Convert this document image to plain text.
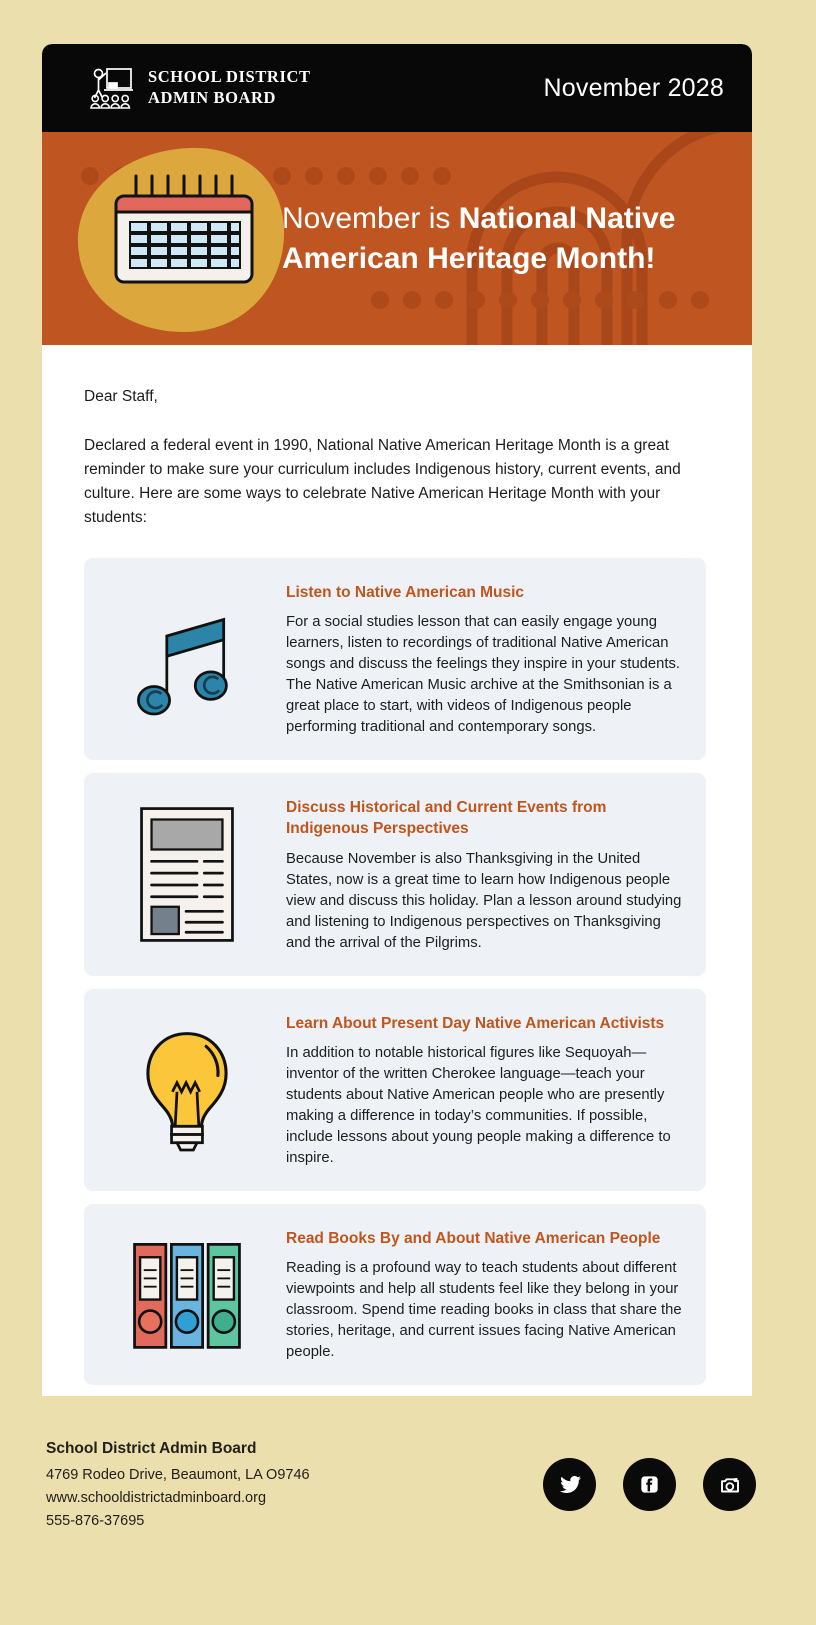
SCHOOL DISTRICT
ADMIN BOARD	November 2028
November is National Native American Heritage Month!
Dear Staff,
Declared a federal event in 1990, National Native American Heritage Month is a great reminder to make sure your curriculum includes Indigenous history, current events, and culture. Here are some ways to celebrate Native American Heritage Month with your students:
Listen to Native American Music
For a social studies lesson that can easily engage young learners, listen to recordings of traditional Native American songs and discuss the feelings they inspire in your students. The Native American Music archive at the Smithsonian is a great place to start, with videos of Indigenous people performing traditional and contemporary songs.
Discuss Historical and Current Events from Indigenous Perspectives
Because November is also Thanksgiving in the United States, now is a great time to learn how Indigenous people view and discuss this holiday. Plan a lesson around studying and listening to Indigenous perspectives on Thanksgiving and the arrival of the Pilgrims.
Learn About Present Day Native American Activists
In addition to notable historical figures like Sequoyah—inventor of the written Cherokee language—teach your students about Native American people who are presently making a difference in today’s communities. If possible, include lessons about young people making a difference to inspire.
Read Books By and About Native American People
Reading is a profound way to teach students about different viewpoints and help all students feel like they belong in your classroom. Spend time reading books in class that share the stories, heritage, and current issues facing Native American people.
School District Admin Board
4769 Rodeo Drive, Beaumont, LA O9746
www.schooldistrictadminboard.org
555-876-37695
